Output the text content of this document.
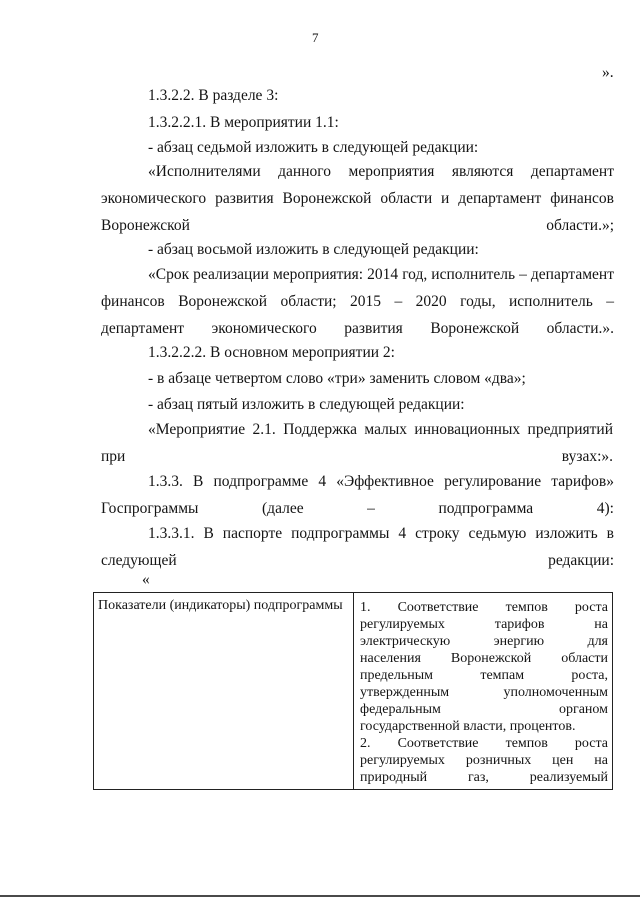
7
».
1.3.2.2. В разделе 3:
1.3.2.2.1. В мероприятии 1.1:
- абзац седьмой изложить в следующей редакции:
«Исполнителями данного мероприятия являются департамент экономического развития Воронежской области и департамент финансов Воронежской области.»;
- абзац восьмой изложить в следующей редакции:
«Срок реализации мероприятия: 2014 год, исполнитель – департамент финансов Воронежской области; 2015 – 2020 годы, исполнитель – департамент экономического развития Воронежской области.».
1.3.2.2.2. В основном мероприятии 2:
- в абзаце четвертом слово «три» заменить словом «два»;
- абзац пятый изложить в следующей редакции:
«Мероприятие 2.1. Поддержка малых инновационных предприятий при вузах:».
1.3.3. В подпрограмме 4 «Эффективное регулирование тарифов» Госпрограммы (далее – подпрограмма 4):
1.3.3.1. В паспорте подпрограммы 4 строку седьмую изложить в следующей редакции:
«
Показатели (индикаторы) подпрограммы	1. Соответствие темпов роста
регулируемых тарифов на
электрическую энергию для
населения Воронежской области
предельным темпам роста,
утвержденным уполномоченным
федеральным органом
государственной власти, процентов.
2. Соответствие темпов роста
регулируемых розничных цен на
природный газ, реализуемый
